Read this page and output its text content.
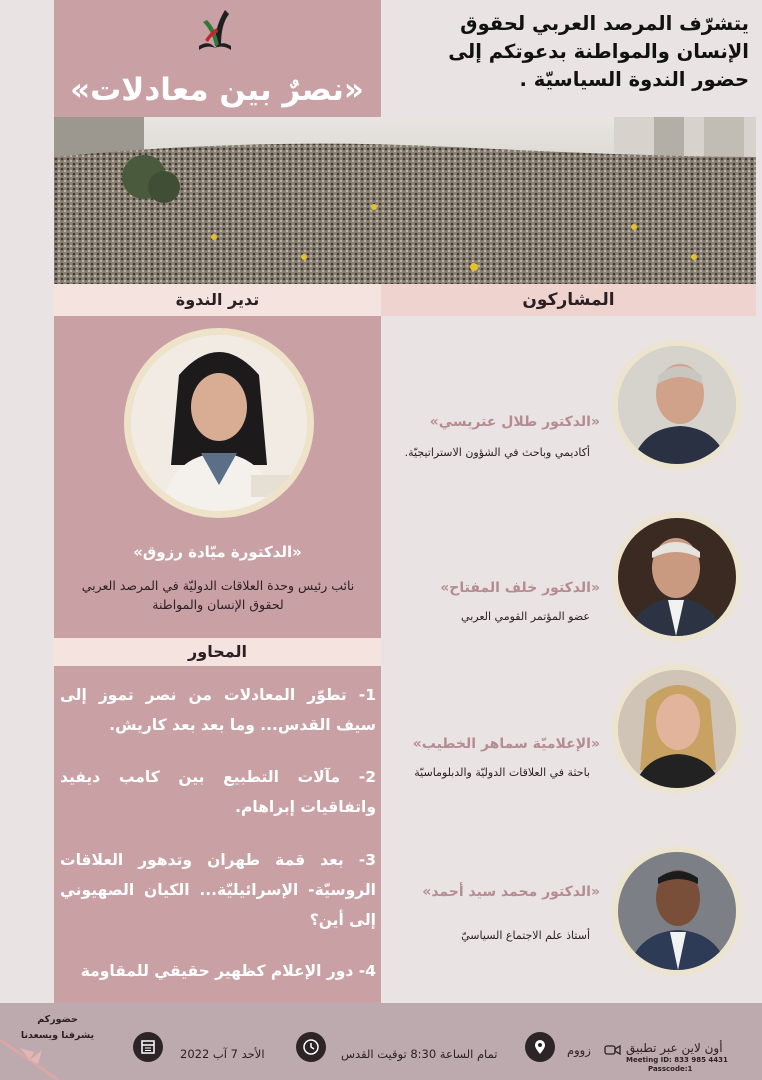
«نصرٌ بين معادلات»
يتشرّف المرصد العربي لحقوق الإنسان والمواطنة بدعوتكم إلى حضور الندوة السياسيّة .
تدير الندوة	المشاركون
«الدكتورة ميّادة رزوق»
نائب رئيس وحدة العلاقات الدوليّة في المرصد العربي لحقوق الإنسان والمواطنة
المحاور
1- تطوّر المعادلات من نصر تموز إلى سيف القدس... وما بعد بعد كاريش.
2- مآلات التطبيع بين كامب ديفيد واتفاقيات إبراهام.
3- بعد قمة طهران وتدهور العلاقات الروسيّة- الإسرائيليّة... الكيان الصهيوني إلى أين؟
4- دور الإعلام كظهير حقيقي للمقاومة
«الدكتور طلال عتريسي»
أكاديمي وباحث في الشؤون الاستراتيجيّة.
«الدكتور خلف المفتاح»
عضو المؤتمر القومي العربي
«الإعلاميّة سماهر الخطيب»
باحثة في العلاقات الدوليّة والدبلوماسيّة
«الدكتور محمد سيد أحمد»
أستاذ علم الاجتماع السياسيّ
حضوركم يشرفنا ويسعدنا
الأحد 7 آب 2022	تمام الساعة 8:30 توقيت القدس	زووم	أون لاين عبر تطبيق
Meeting ID: 833 985 4431
Passcode:1
